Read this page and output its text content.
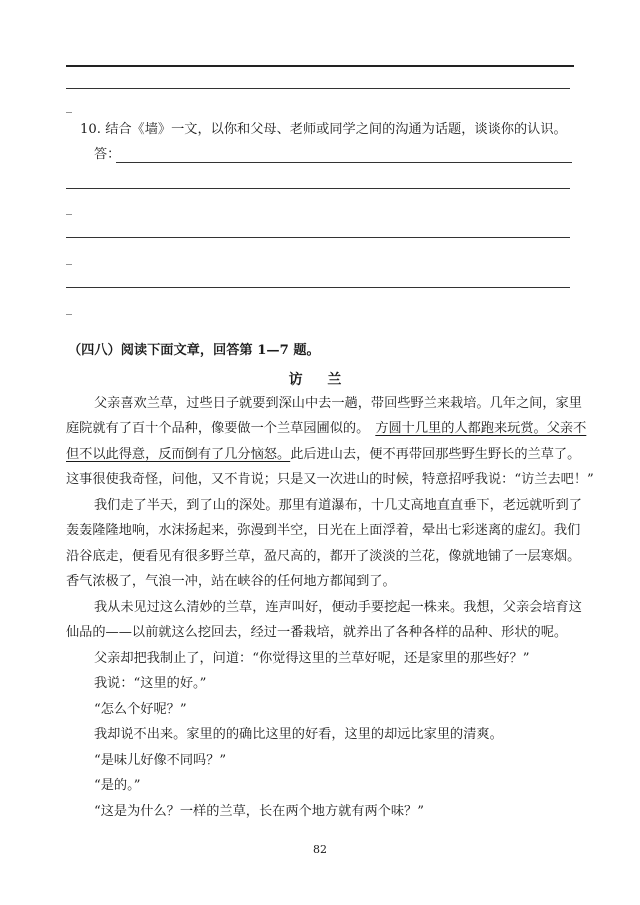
_
10. 结合《墙》一文，以你和父母、老师或同学之间的沟通为话题，谈谈你的认识。
答：
_
_
_
（四八）阅读下面文章，回答第 1—7 题。
访 兰
父亲喜欢兰草，过些日子就要到深山中去一趟，带回些野兰来栽培。几年之间，家里
庭院就有了百十个品种，像要做一个兰草园圃似的。 方圆十几里的人都跑来玩赏。父亲不
但不以此得意，反而倒有了几分恼怒。此后进山去，便不再带回那些野生野长的兰草了。
这事很使我奇怪，问他，又不肯说；只是又一次进山的时候，特意招呼我说：“访兰去吧！”
我们走了半天，到了山的深处。那里有道瀑布，十几丈高地直直垂下，老远就听到了
轰轰隆隆地响，水沫扬起来，弥漫到半空，日光在上面浮着，晕出七彩迷离的虚幻。我们
沿谷底走，便看见有很多野兰草，盈尺高的，都开了淡淡的兰花，像就地铺了一层寒烟。
香气浓极了，气浪一冲，站在峡谷的任何地方都闻到了。
我从未见过这么清妙的兰草，连声叫好，便动手要挖起一株来。我想，父亲会培育这
仙品的——以前就这么挖回去，经过一番栽培，就养出了各种各样的品种、形状的呢。
父亲却把我制止了，问道：“你觉得这里的兰草好呢，还是家里的那些好？”
我说：“这里的好。”
“怎么个好呢？”
我却说不出来。家里的的确比这里的好看，这里的却远比家里的清爽。
“是味儿好像不同吗？”
“是的。”
“这是为什么？一样的兰草，长在两个地方就有两个味？”
82
